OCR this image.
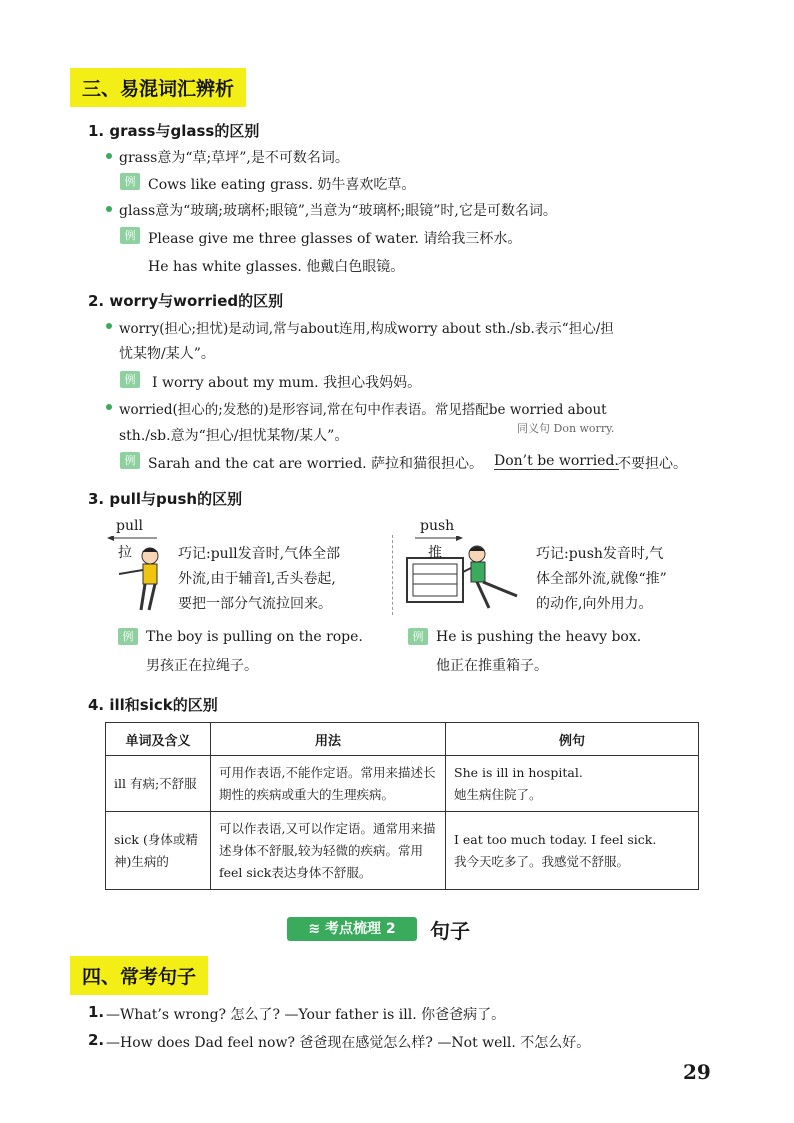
三、易混词汇辨析
1. grass与glass的区别
grass意为“草;草坪”,是不可数名词。
例 Cows like eating grass. 奶牛喜欢吃草。
glass意为“玻璃;玻璃杯;眼镜”,当意为“玻璃杯;眼镜”时,它是可数名词。
例 Please give me three glasses of water. 请给我三杯水。
He has white glasses. 他戴白色眼镜。
2. worry与worried的区别
worry(担心;担忧)是动词,常与about连用,构成worry about sth./sb.表示“担心/担
忧某物/某人”。
例	I worry about my mum. 我担心我妈妈。
worried(担心的;发愁的)是形容词,常在句中作表语。常见搭配be worried about
sth./sb.意为“担心/担忧某物/某人”。	同义句 Don worry.
例 Sarah and the cat are worried. 萨拉和猫很担心。 Don’t be worried.
不要担心。
3. pull与push的区别
pull
拉	巧记:pull发音时,气体全部
外流,由于辅音l,舌头卷起,
要把一部分气流拉回来。
例 The boy is pulling on the rope.
男孩正在拉绳子。
push
推	巧记:push发音时,气
体全部外流,就像“推”
的动作,向外用力。
例 He is pushing the heavy box.
他正在推重箱子。
4. ill和sick的区别
单词及含义	用法	例句
ill 有病;不舒服	可用作表语,不能作定语。常用来描述长期性的疾病或重大的生理疾病。	She is ill in hospital.
她生病住院了。

sick (身体或精神)生病的	可以作表语,又可以作定语。通常用来描述身体不舒服,较为轻微的疾病。常用feel sick表达身体不舒服。	I eat too much today. I feel sick.
我今天吃多了。我感觉不舒服。
≋ 考点梳理 2	句子
四、常考句子
1. —What’s wrong? 怎么了? —Your father is ill. 你爸爸病了。
2. —How does Dad feel now? 爸爸现在感觉怎么样? —Not well. 不怎么好。
29
